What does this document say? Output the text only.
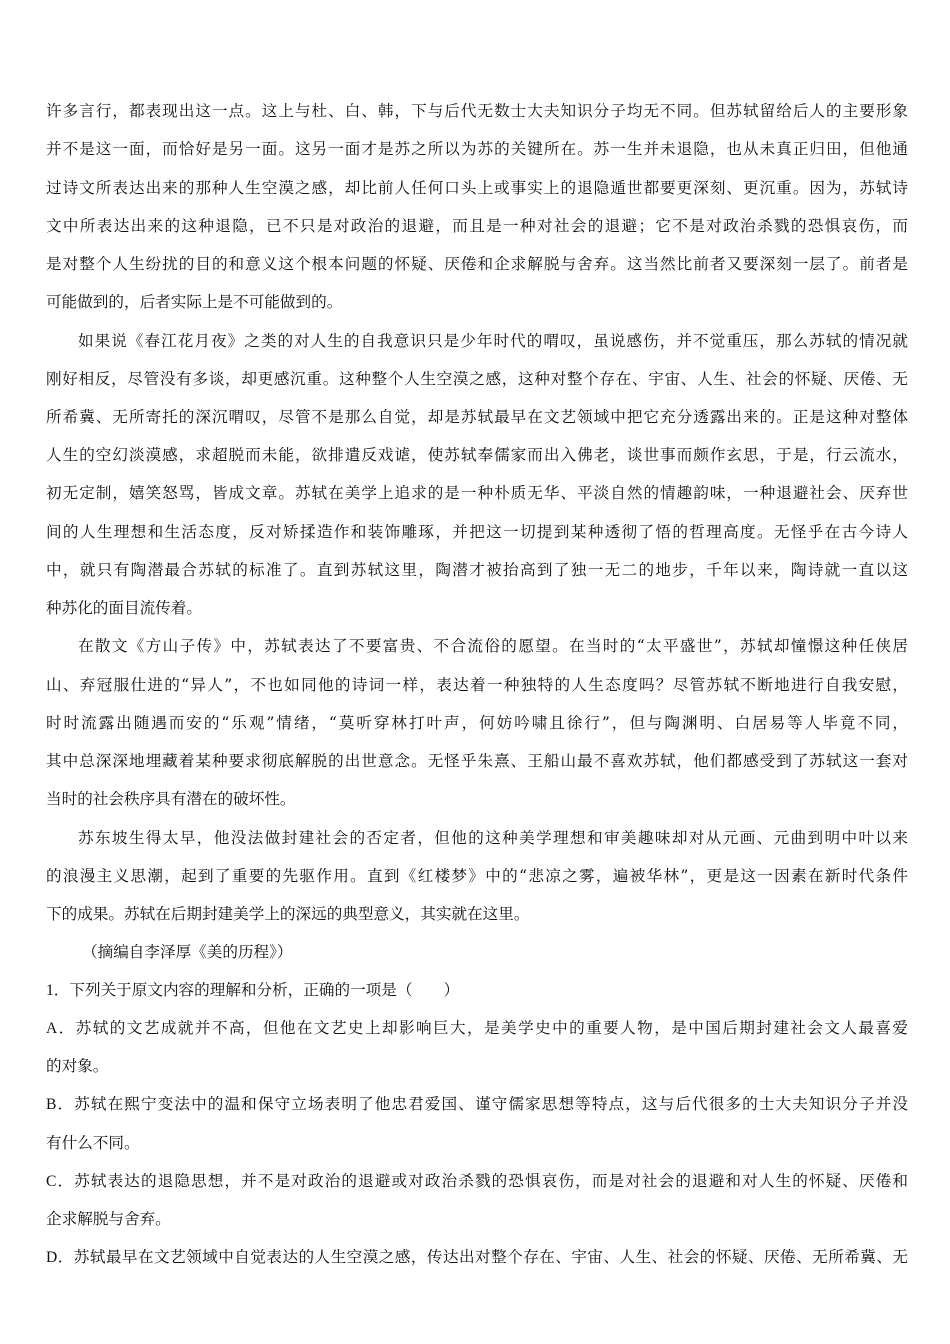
许多言行，都表现出这一点。这上与杜、白、韩，下与后代无数士大夫知识分子均无不同。但苏轼留给后人的主要形象
并不是这一面，而恰好是另一面。这另一面才是苏之所以为苏的关键所在。苏一生并未退隐，也从未真正归田，但他通
过诗文所表达出来的那种人生空漠之感，却比前人任何口头上或事实上的退隐遁世都要更深刻、更沉重。因为，苏轼诗
文中所表达出来的这种退隐，已不只是对政治的退避，而且是一种对社会的退避；它不是对政治杀戮的恐惧哀伤，而
是对整个人生纷扰的目的和意义这个根本问题的怀疑、厌倦和企求解脱与舍弃。这当然比前者又要深刻一层了。前者是
可能做到的，后者实际上是不可能做到的。
如果说《春江花月夜》之类的对人生的自我意识只是少年时代的喟叹，虽说感伤，并不觉重压，那么苏轼的情况就
刚好相反，尽管没有多谈，却更感沉重。这种整个人生空漠之感，这种对整个存在、宇宙、人生、社会的怀疑、厌倦、无
所希冀、无所寄托的深沉喟叹，尽管不是那么自觉，却是苏轼最早在文艺领域中把它充分透露出来的。正是这种对整体
人生的空幻淡漠感，求超脱而未能，欲排遣反戏谑，使苏轼奉儒家而出入佛老，谈世事而颇作玄思，于是，行云流水，
初无定制，嬉笑怒骂，皆成文章。苏轼在美学上追求的是一种朴质无华、平淡自然的情趣韵味，一种退避社会、厌弃世
间的人生理想和生活态度，反对矫揉造作和装饰雕琢，并把这一切提到某种透彻了悟的哲理高度。无怪乎在古今诗人
中，就只有陶潜最合苏轼的标准了。直到苏轼这里，陶潜才被抬高到了独一无二的地步，千年以来，陶诗就一直以这
种苏化的面目流传着。
在散文《方山子传》中，苏轼表达了不要富贵、不合流俗的愿望。在当时的“太平盛世”，苏轼却憧憬这种任侠居
山、弃冠服仕进的“异人”，不也如同他的诗词一样，表达着一种独特的人生态度吗？尽管苏轼不断地进行自我安慰，
时时流露出随遇而安的“乐观”情绪，“莫听穿林打叶声，何妨吟啸且徐行”，但与陶渊明、白居易等人毕竟不同，
其中总深深地埋藏着某种要求彻底解脱的出世意念。无怪乎朱熹、王船山最不喜欢苏轼，他们都感受到了苏轼这一套对
当时的社会秩序具有潜在的破坏性。
苏东坡生得太早，他没法做封建社会的否定者，但他的这种美学理想和审美趣味却对从元画、元曲到明中叶以来
的浪漫主义思潮，起到了重要的先驱作用。直到《红楼梦》中的“悲凉之雾，遍被华林”，更是这一因素在新时代条件
下的成果。苏轼在后期封建美学上的深远的典型意义，其实就在这里。
（摘编自李泽厚《美的历程》）
1．下列关于原文内容的理解和分析，正确的一项是（　　）
A．苏轼的文艺成就并不高，但他在文艺史上却影响巨大，是美学史中的重要人物，是中国后期封建社会文人最喜爱
的对象。
B．苏轼在熙宁变法中的温和保守立场表明了他忠君爱国、谨守儒家思想等特点，这与后代很多的士大夫知识分子并没
有什么不同。
C．苏轼表达的退隐思想，并不是对政治的退避或对政治杀戮的恐惧哀伤，而是对社会的退避和对人生的怀疑、厌倦和
企求解脱与舍弃。
D．苏轼最早在文艺领域中自觉表达的人生空漠之感，传达出对整个存在、宇宙、人生、社会的怀疑、厌倦、无所希冀、无
